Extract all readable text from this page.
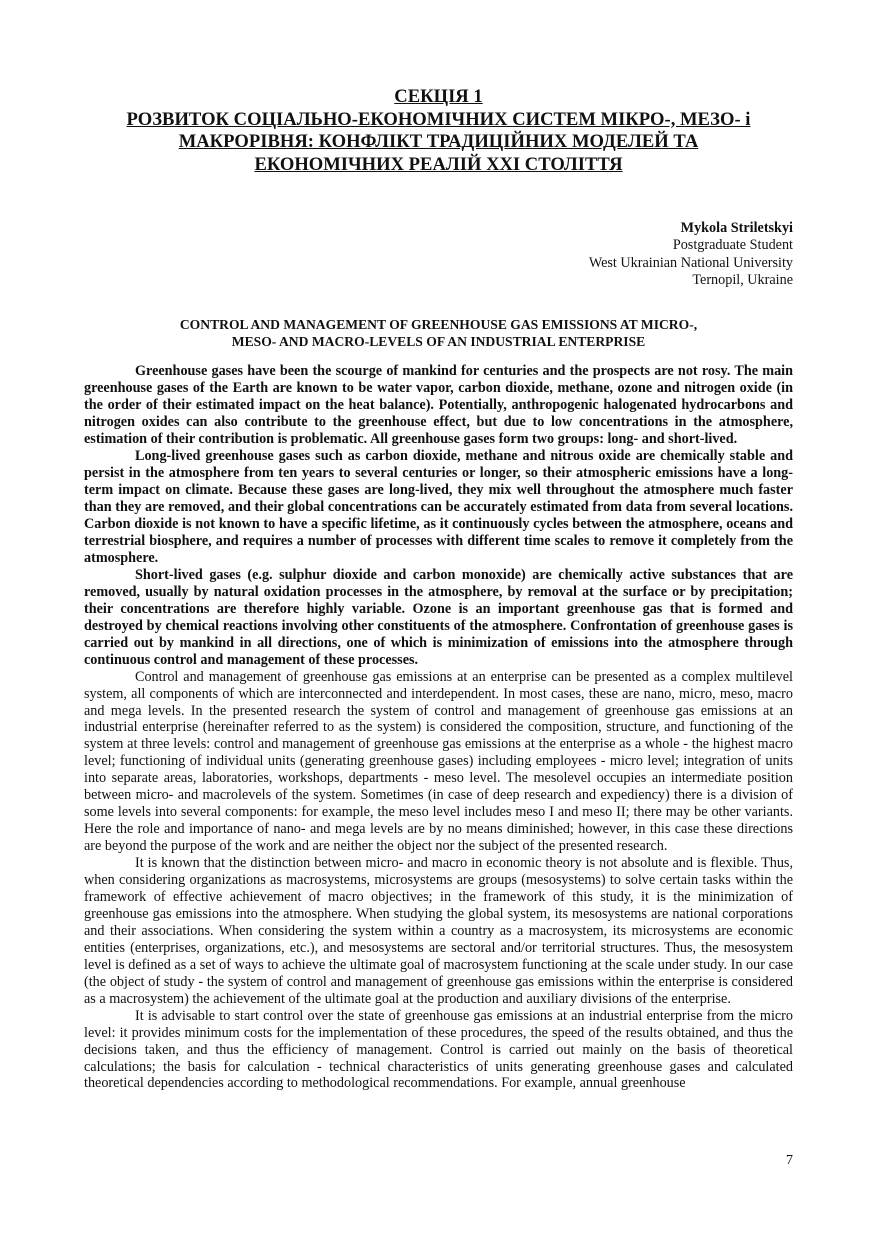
СЕКЦІЯ 1
РОЗВИТОК СОЦІАЛЬНО-ЕКОНОМІЧНИХ СИСТЕМ МІКРО-, МЕЗО- і
МАКРОРІВНЯ: КОНФЛІКТ ТРАДИЦІЙНИХ МОДЕЛЕЙ ТА
ЕКОНОМІЧНИХ РЕАЛІЙ ХХІ СТОЛІТТЯ
Mykola Striletskyi
Postgraduate Student
West Ukrainian National University
Ternopil, Ukraine
CONTROL AND MANAGEMENT OF GREENHOUSE GAS EMISSIONS AT MICRO-,
MESO- AND MACRO-LEVELS OF AN INDUSTRIAL ENTERPRISE

Greenhouse gases have been the scourge of mankind for centuries and the prospects are not rosy. The main greenhouse gases of the Earth are known to be water vapor, carbon dioxide, methane, ozone and nitrogen oxide (in the order of their estimated impact on the heat balance). Potentially, anthropogenic halogenated hydrocarbons and nitrogen oxides can also contribute to the greenhouse effect, but due to low concentrations in the atmosphere, estimation of their contribution is problematic. All greenhouse gases form two groups: long- and short-lived.

Long-lived greenhouse gases such as carbon dioxide, methane and nitrous oxide are chemically stable and persist in the atmosphere from ten years to several centuries or longer, so their atmospheric emissions have a long-term impact on climate. Because these gases are long-lived, they mix well throughout the atmosphere much faster than they are removed, and their global concentrations can be accurately estimated from data from several locations. Carbon dioxide is not known to have a specific lifetime, as it continuously cycles between the atmosphere, oceans and terrestrial biosphere, and requires a number of processes with different time scales to remove it completely from the atmosphere.

Short-lived gases (e.g. sulphur dioxide and carbon monoxide) are chemically active substances that are removed, usually by natural oxidation processes in the atmosphere, by removal at the surface or by precipitation; their concentrations are therefore highly variable. Ozone is an important greenhouse gas that is formed and destroyed by chemical reactions involving other constituents of the atmosphere. Confrontation of greenhouse gases is carried out by mankind in all directions, one of which is minimization of emissions into the atmosphere through continuous control and management of these processes.

Control and management of greenhouse gas emissions at an enterprise can be presented as a complex multilevel system, all components of which are interconnected and interdependent. In most cases, these are nano, micro, meso, macro and mega levels. In the presented research the system of control and management of greenhouse gas emissions at an industrial enterprise (hereinafter referred to as the system) is considered the composition, structure, and functioning of the system at three levels: control and management of greenhouse gas emissions at the enterprise as a whole - the highest macro level; functioning of individual units (generating greenhouse gases) including employees - micro level; integration of units into separate areas, laboratories, workshops, departments - meso level. The mesolevel occupies an intermediate position between micro- and macrolevels of the system. Sometimes (in case of deep research and expediency) there is a division of some levels into several components: for example, the meso level includes meso I and meso II; there may be other variants. Here the role and importance of nano- and mega levels are by no means diminished; however, in this case these directions are beyond the purpose of the work and are neither the object nor the subject of the presented research.

It is known that the distinction between micro- and macro in economic theory is not absolute and is flexible. Thus, when considering organizations as macrosystems, microsystems are groups (mesosystems) to solve certain tasks within the framework of effective achievement of macro objectives; in the framework of this study, it is the minimization of greenhouse gas emissions into the atmosphere. When studying the global system, its mesosystems are national corporations and their associations. When considering the system within a country as a macrosystem, its microsystems are economic entities (enterprises, organizations, etc.), and mesosystems are sectoral and/or territorial structures. Thus, the mesosystem level is defined as a set of ways to achieve the ultimate goal of macrosystem functioning at the scale under study. In our case (the object of study - the system of control and management of greenhouse gas emissions within the enterprise is considered as a macrosystem) the achievement of the ultimate goal at the production and auxiliary divisions of the enterprise.

It is advisable to start control over the state of greenhouse gas emissions at an industrial enterprise from the micro level: it provides minimum costs for the implementation of these procedures, the speed of the results obtained, and thus the decisions taken, and thus the efficiency of management. Control is carried out mainly on the basis of theoretical calculations; the basis for calculation - technical characteristics of units generating greenhouse gases and calculated theoretical dependencies according to methodological recommendations. For example, annual greenhouse

7
